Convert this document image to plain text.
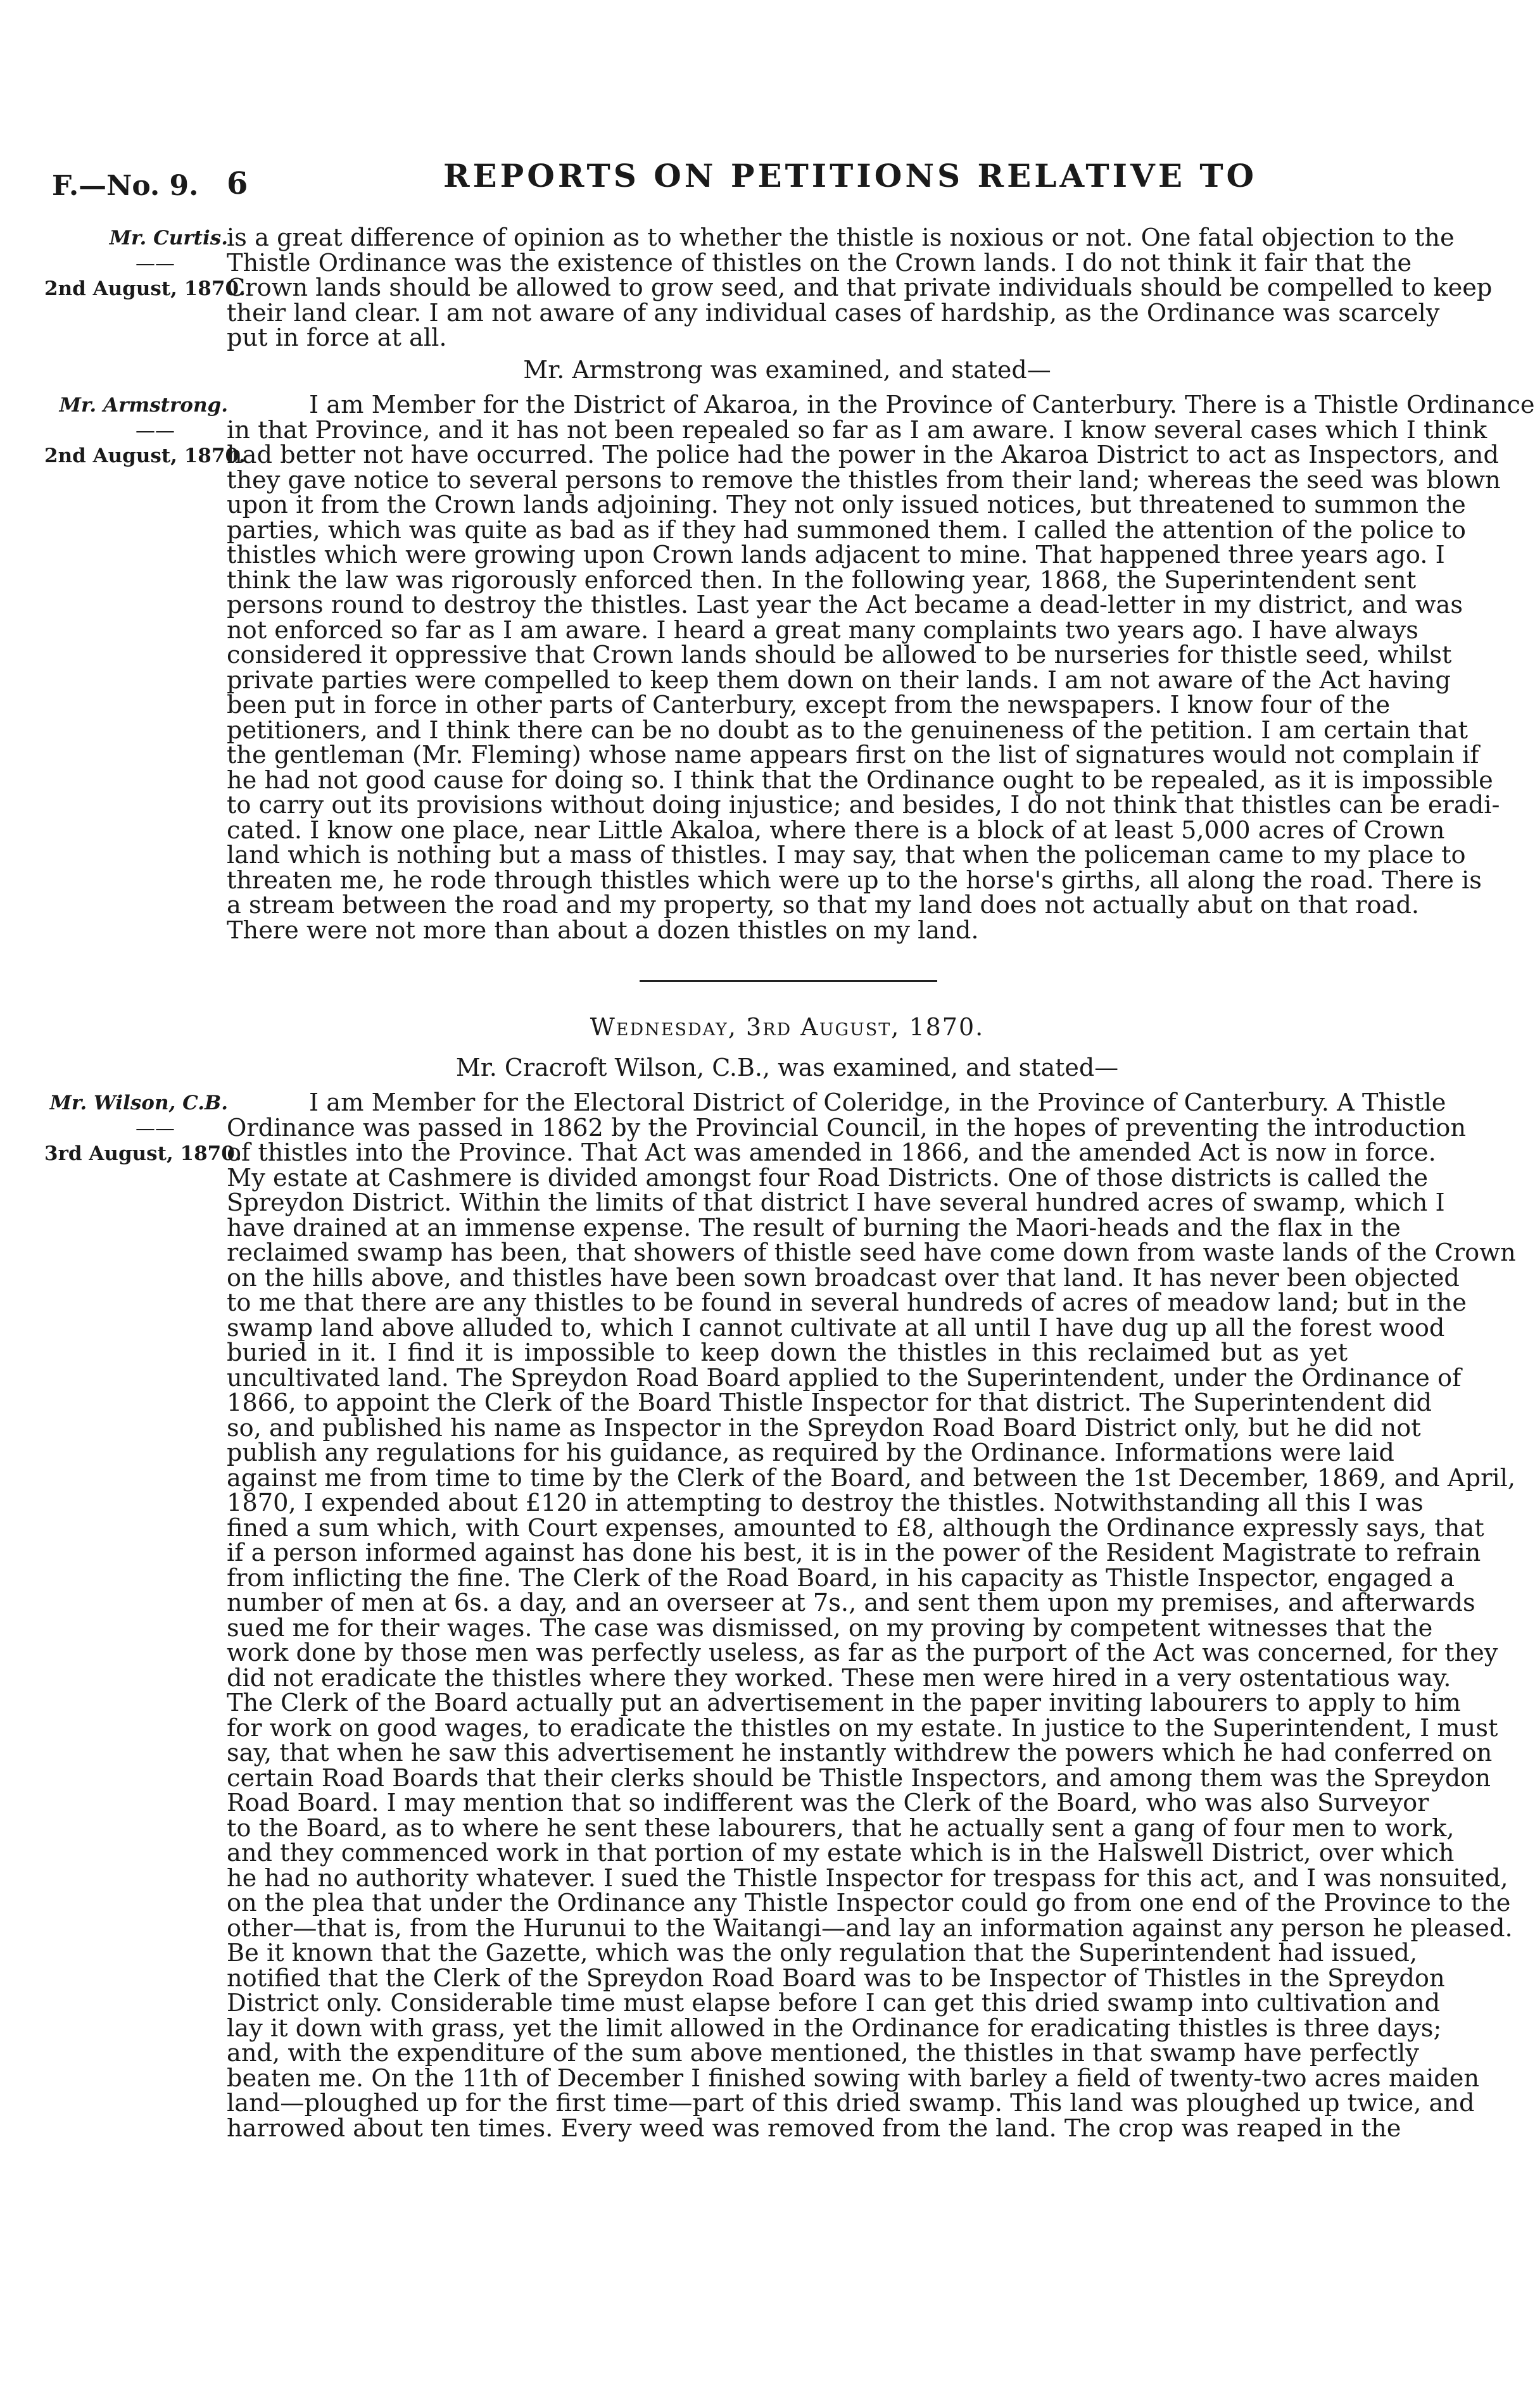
F.—No. 9. 6	REPORTS ON PETITIONS RELATIVE TO
Mr. Curtis.
——
2nd August, 1870.
is a great difference of opinion as to whether the thistle is noxious or not. One fatal objection to the
Thistle Ordinance was the existence of thistles on the Crown lands. I do not think it fair that the
Crown lands should be allowed to grow seed, and that private individuals should be compelled to keep
their land clear. I am not aware of any individual cases of hardship, as the Ordinance was scarcely
put in force at all.
Mr. Armstrong was examined, and stated—
Mr. Armstrong.
——
2nd August, 1870.
I am Member for the District of Akaroa, in the Province of Canterbury. There is a Thistle Ordinance
in that Province, and it has not been repealed so far as I am aware. I know several cases which I think
had better not have occurred. The police had the power in the Akaroa District to act as Inspectors, and
they gave notice to several persons to remove the thistles from their land; whereas the seed was blown
upon it from the Crown lands adjoining. They not only issued notices, but threatened to summon the
parties, which was quite as bad as if they had summoned them. I called the attention of the police to
thistles which were growing upon Crown lands adjacent to mine. That happened three years ago. I
think the law was rigorously enforced then. In the following year, 1868, the Superintendent sent
persons round to destroy the thistles. Last year the Act became a dead-letter in my district, and was
not enforced so far as I am aware. I heard a great many complaints two years ago. I have always
considered it oppressive that Crown lands should be allowed to be nurseries for thistle seed, whilst
private parties were compelled to keep them down on their lands. I am not aware of the Act having
been put in force in other parts of Canterbury, except from the newspapers. I know four of the
petitioners, and I think there can be no doubt as to the genuineness of the petition. I am certain that
the gentleman (Mr. Fleming) whose name appears first on the list of signatures would not complain if
he had not good cause for doing so. I think that the Ordinance ought to be repealed, as it is impossible
to carry out its provisions without doing injustice; and besides, I do not think that thistles can be eradi-
cated. I know one place, near Little Akaloa, where there is a block of at least 5,000 acres of Crown
land which is nothing but a mass of thistles. I may say, that when the policeman came to my place to
threaten me, he rode through thistles which were up to the horse's girths, all along the road. There is
a stream between the road and my property, so that my land does not actually abut on that road.
There were not more than about a dozen thistles on my land.
Wednesday, 3rd August, 1870.
Mr. Cracroft Wilson, C.B., was examined, and stated—
Mr. Wilson, C.B.
——
3rd August, 1870.
I am Member for the Electoral District of Coleridge, in the Province of Canterbury. A Thistle
Ordinance was passed in 1862 by the Provincial Council, in the hopes of preventing the introduction
of thistles into the Province. That Act was amended in 1866, and the amended Act is now in force.
My estate at Cashmere is divided amongst four Road Districts. One of those districts is called the
Spreydon District. Within the limits of that district I have several hundred acres of swamp, which I
have drained at an immense expense. The result of burning the Maori-heads and the flax in the
reclaimed swamp has been, that showers of thistle seed have come down from waste lands of the Crown
on the hills above, and thistles have been sown broadcast over that land. It has never been objected
to me that there are any thistles to be found in several hundreds of acres of meadow land; but in the
swamp land above alluded to, which I cannot cultivate at all until I have dug up all the forest wood
buried in it. I find it is impossible to keep down the thistles in this reclaimed but as yet
uncultivated land. The Spreydon Road Board applied to the Superintendent, under the Ordinance of
1866, to appoint the Clerk of the Board Thistle Inspector for that district. The Superintendent did
so, and published his name as Inspector in the Spreydon Road Board District only, but he did not
publish any regulations for his guidance, as required by the Ordinance. Informations were laid
against me from time to time by the Clerk of the Board, and between the 1st December, 1869, and April,
1870, I expended about £120 in attempting to destroy the thistles. Notwithstanding all this I was
fined a sum which, with Court expenses, amounted to £8, although the Ordinance expressly says, that
if a person informed against has done his best, it is in the power of the Resident Magistrate to refrain
from inflicting the fine. The Clerk of the Road Board, in his capacity as Thistle Inspector, engaged a
number of men at 6s. a day, and an overseer at 7s., and sent them upon my premises, and afterwards
sued me for their wages. The case was dismissed, on my proving by competent witnesses that the
work done by those men was perfectly useless, as far as the purport of the Act was concerned, for they
did not eradicate the thistles where they worked. These men were hired in a very ostentatious way.
The Clerk of the Board actually put an advertisement in the paper inviting labourers to apply to him
for work on good wages, to eradicate the thistles on my estate. In justice to the Superintendent, I must
say, that when he saw this advertisement he instantly withdrew the powers which he had conferred on
certain Road Boards that their clerks should be Thistle Inspectors, and among them was the Spreydon
Road Board. I may mention that so indifferent was the Clerk of the Board, who was also Surveyor
to the Board, as to where he sent these labourers, that he actually sent a gang of four men to work,
and they commenced work in that portion of my estate which is in the Halswell District, over which
he had no authority whatever. I sued the Thistle Inspector for trespass for this act, and I was nonsuited,
on the plea that under the Ordinance any Thistle Inspector could go from one end of the Province to the
other—that is, from the Hurunui to the Waitangi—and lay an information against any person he pleased.
Be it known that the Gazette, which was the only regulation that the Superintendent had issued,
notified that the Clerk of the Spreydon Road Board was to be Inspector of Thistles in the Spreydon
District only. Considerable time must elapse before I can get this dried swamp into cultivation and
lay it down with grass, yet the limit allowed in the Ordinance for eradicating thistles is three days;
and, with the expenditure of the sum above mentioned, the thistles in that swamp have perfectly
beaten me. On the 11th of December I finished sowing with barley a field of twenty-two acres maiden
land—ploughed up for the first time—part of this dried swamp. This land was ploughed up twice, and
harrowed about ten times. Every weed was removed from the land. The crop was reaped in the
